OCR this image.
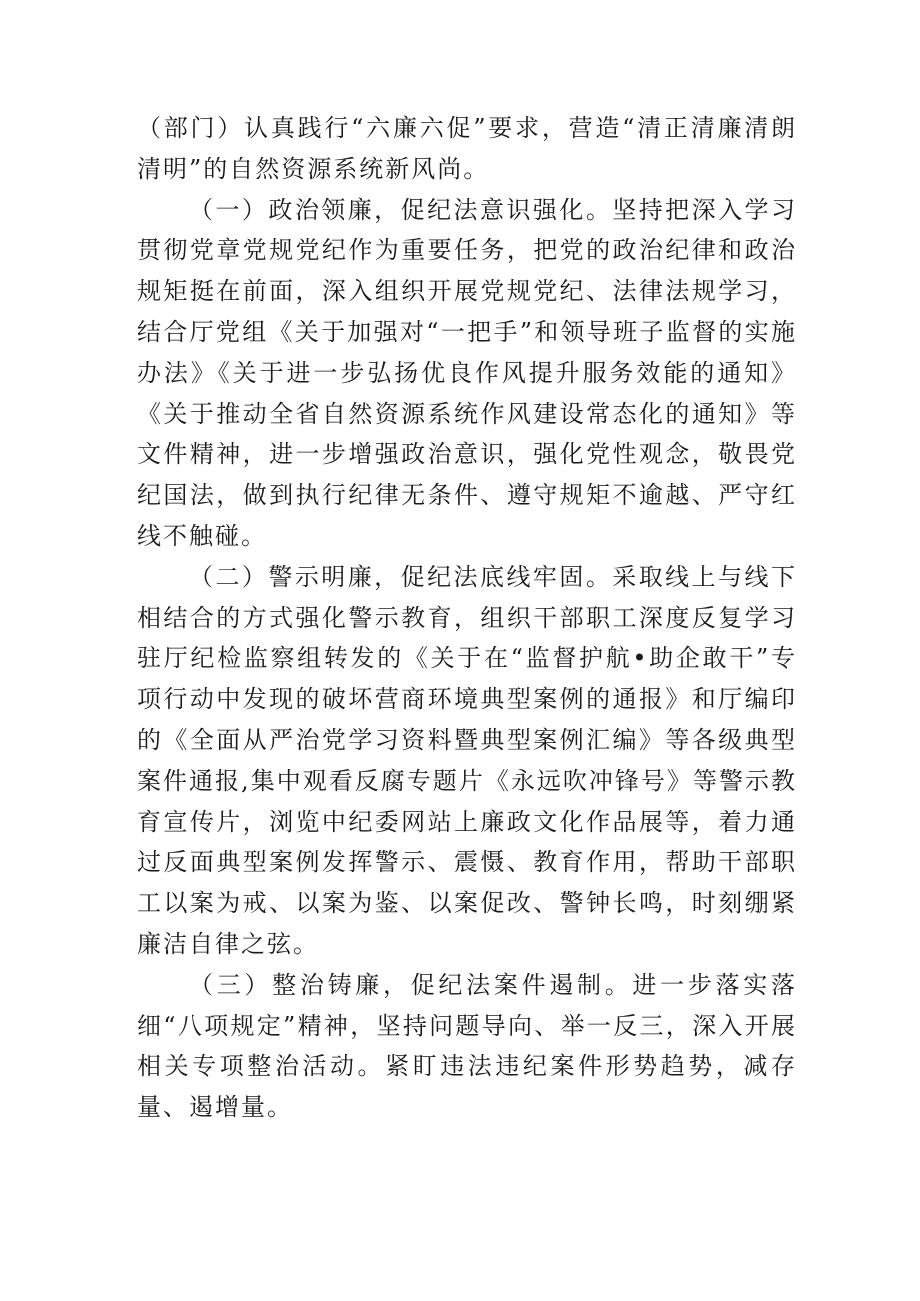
（部门）认真践行“六廉六促”要求，营造“清正清廉清朗清明”的自然资源系统新风尚。

（一）政治领廉，促纪法意识强化。坚持把深入学习贯彻党章党规党纪作为重要任务，把党的政治纪律和政治规矩挺在前面，深入组织开展党规党纪、法律法规学习，结合厅党组《关于加强对“一把手”和领导班子监督的实施办法》《关于进一步弘扬优良作风提升服务效能的通知》《关于推动全省自然资源系统作风建设常态化的通知》等文件精神，进一步增强政治意识，强化党性观念，敬畏党纪国法，做到执行纪律无条件、遵守规矩不逾越、严守红线不触碰。

（二）警示明廉，促纪法底线牢固。采取线上与线下相结合的方式强化警示教育，组织干部职工深度反复学习驻厅纪检监察组转发的《关于在“监督护航•助企敢干”专项行动中发现的破坏营商环境典型案例的通报》和厅编印的《全面从严治党学习资料暨典型案例汇编》等各级典型案件通报,集中观看反腐专题片《永远吹冲锋号》等警示教育宣传片，浏览中纪委网站上廉政文化作品展等，着力通过反面典型案例发挥警示、震慑、教育作用，帮助干部职工以案为戒、以案为鉴、以案促改、警钟长鸣，时刻绷紧廉洁自律之弦。

（三）整治铸廉，促纪法案件遏制。进一步落实落细“八项规定”精神，坚持问题导向、举一反三，深入开展相关专项整治活动。紧盯违法违纪案件形势趋势，减存量、遏增量。
